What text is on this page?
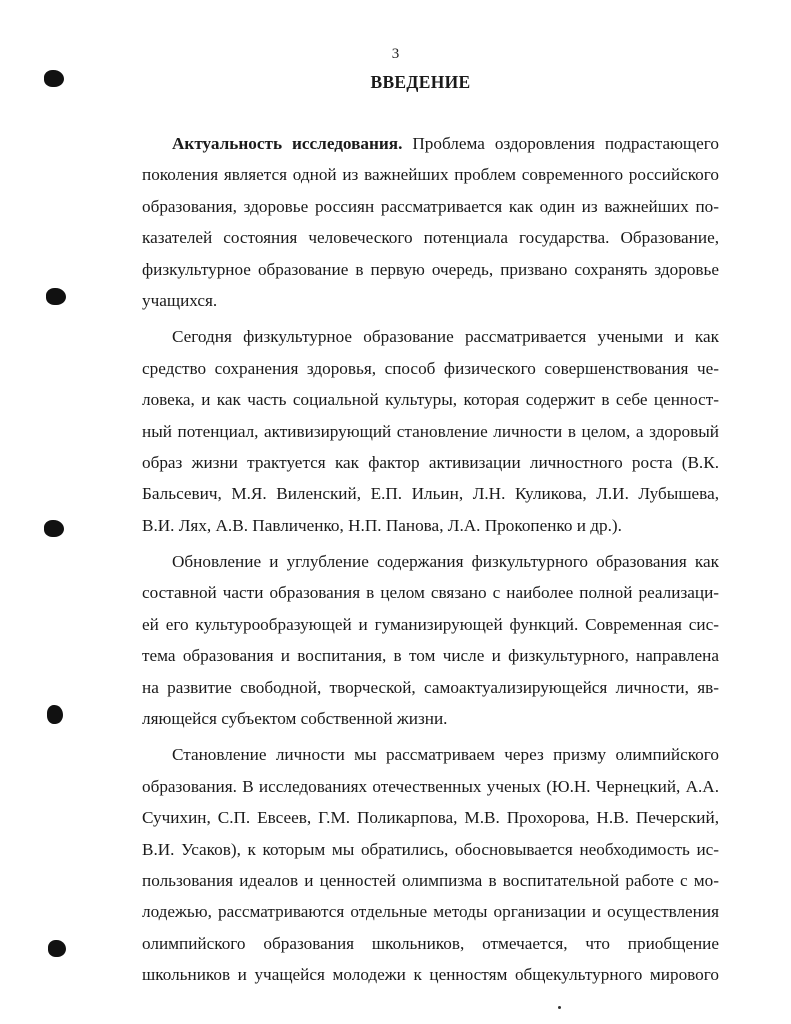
3
ВВЕДЕНИЕ
Актуальность исследования. Проблема оздоровления подрастающего
поколения является одной из важнейших проблем современного российского
образования, здоровье россиян рассматривается как один из важнейших по-
казателей состояния человеческого потенциала государства. Образование,
физкультурное образование в первую очередь, призвано сохранять здоровье
учащихся.
Сегодня физкультурное образование рассматривается учеными и как
средство сохранения здоровья, способ физического совершенствования че-
ловека, и как часть социальной культуры, которая содержит в себе ценност-
ный потенциал, активизирующий становление личности в целом, а здоровый
образ жизни трактуется как фактор активизации личностного роста (В.К.
Бальсевич, М.Я. Виленский, Е.П. Ильин, Л.Н. Куликова, Л.И. Лубышева,
В.И. Лях, А.В. Павличенко, Н.П. Панова, Л.А. Прокопенко и др.).
Обновление и углубление содержания физкультурного образования как
составной части образования в целом связано с наиболее полной реализаци-
ей его культурообразующей и гуманизирующей функций. Современная сис-
тема образования и воспитания, в том числе и физкультурного, направлена
на развитие свободной, творческой, самоактуализирующейся личности, яв-
ляющейся субъектом собственной жизни.
Становление личности мы рассматриваем через призму олимпийского
образования. В исследованиях отечественных ученых (Ю.Н. Чернецкий, А.А.
Сучихин, С.П. Евсеев, Г.М. Поликарпова, М.В. Прохорова, Н.В. Печерский,
В.И. Усаков), к которым мы обратились, обосновывается необходимость ис-
пользования идеалов и ценностей олимпизма в воспитательной работе с мо-
лодежью, рассматриваются отдельные методы организации и осуществления
олимпийского образования школьников, отмечается, что приобщение
школьников и учащейся молодежи к ценностям общекультурного мирового
